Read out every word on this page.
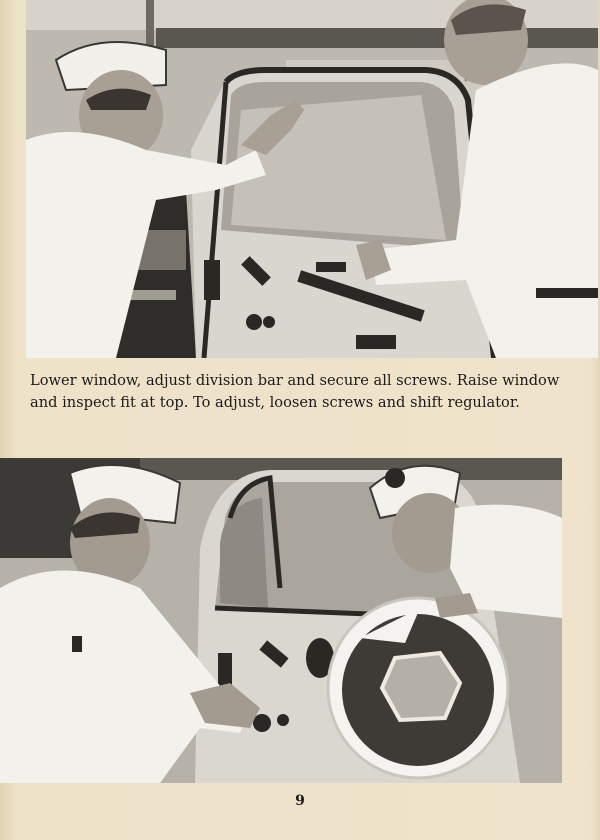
Lower window, adjust division bar and secure all screws. Raise window and inspect fit at top. To adjust, loosen screws and shift regulator.

9
